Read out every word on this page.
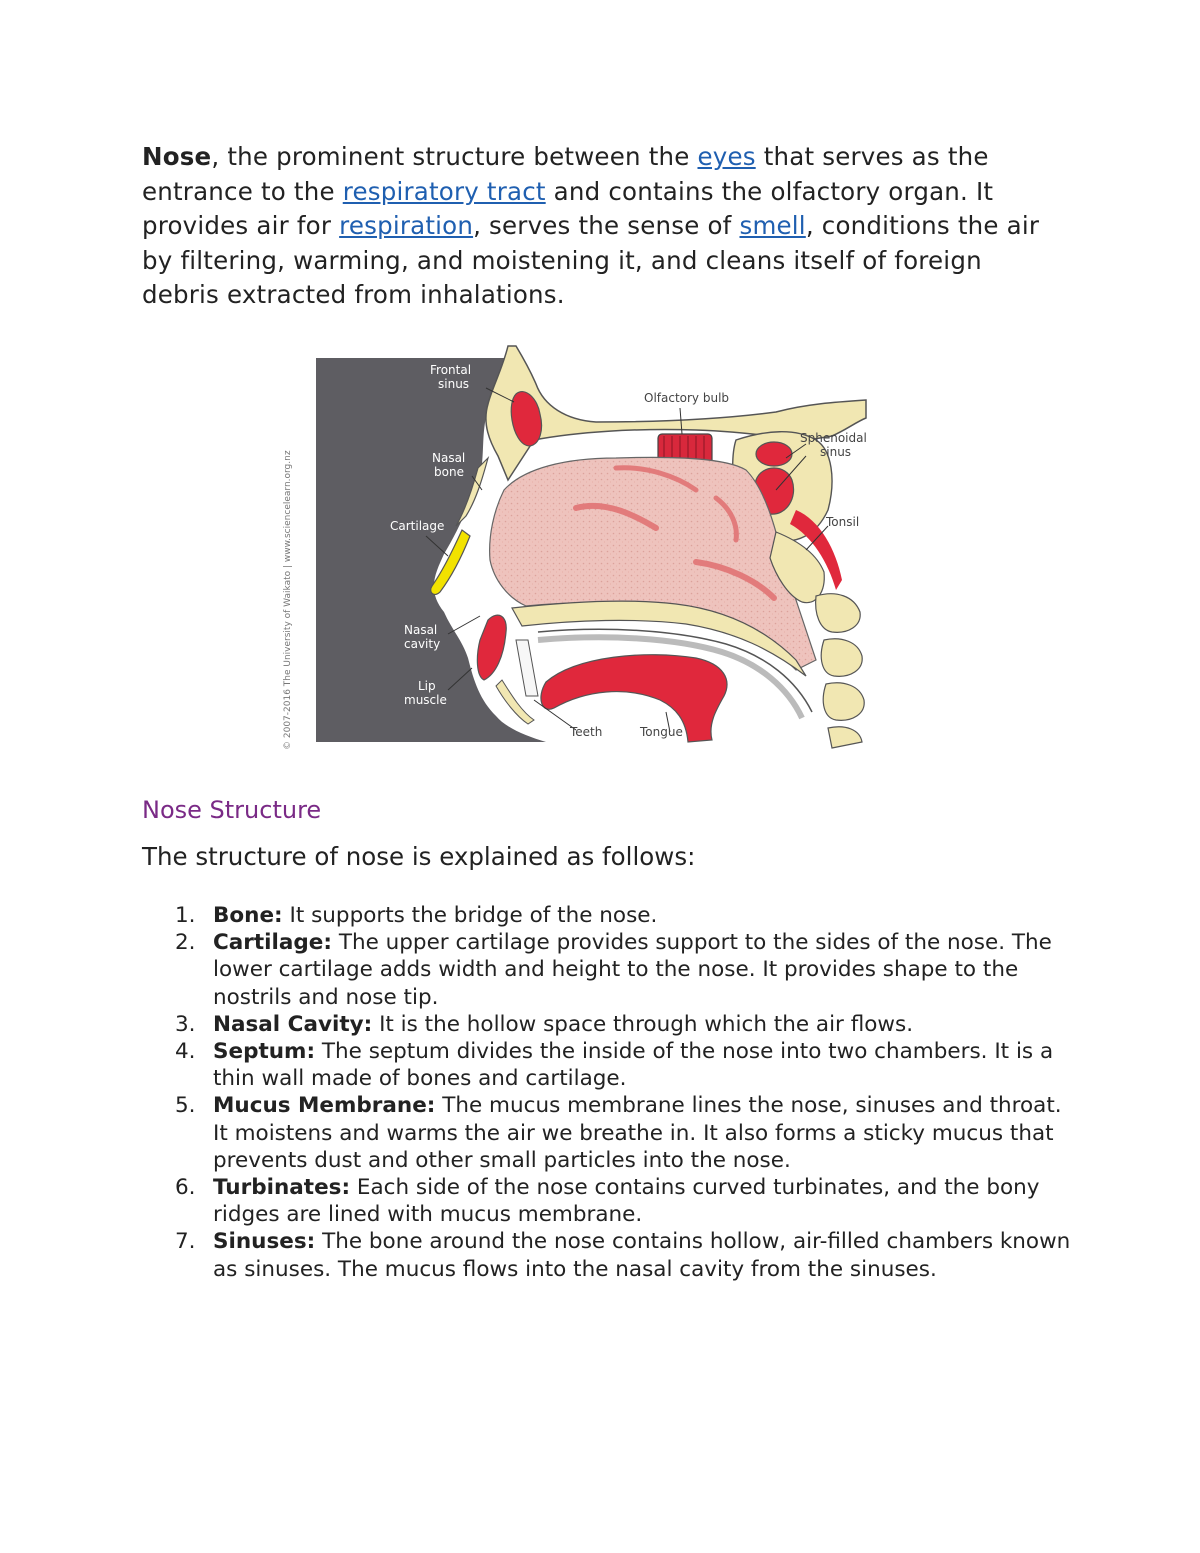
Nose, the prominent structure between the eyes that serves as the entrance to the respiratory tract and contains the olfactory organ. It provides air for respiration, serves the sense of smell, conditions the air by filtering, warming, and moistening it, and cleans itself of foreign debris extracted from inhalations.

Frontal
sinus
Olfactory bulb
Sphenoidal
sinus
Nasal
bone
Cartilage	Tonsil
Nasal
cavity
Lip
muscle
Teeth	Tongue
© 2007-2016 The University of Waikato | www.sciencelearn.org.nz
Nose Structure

The structure of nose is explained as follows:

1. Bone: It supports the bridge of the nose.
2. Cartilage: The upper cartilage provides support to the sides of the nose. The lower cartilage adds width and height to the nose. It provides shape to the nostrils and nose tip.
3. Nasal Cavity: It is the hollow space through which the air flows.
4. Septum: The septum divides the inside of the nose into two chambers. It is a thin wall made of bones and cartilage.
5. Mucus Membrane: The mucus membrane lines the nose, sinuses and throat. It moistens and warms the air we breathe in. It also forms a sticky mucus that prevents dust and other small particles into the nose.
6. Turbinates: Each side of the nose contains curved turbinates, and the bony ridges are lined with mucus membrane.
7. Sinuses: The bone around the nose contains hollow, air-filled chambers known as sinuses. The mucus flows into the nasal cavity from the sinuses.
